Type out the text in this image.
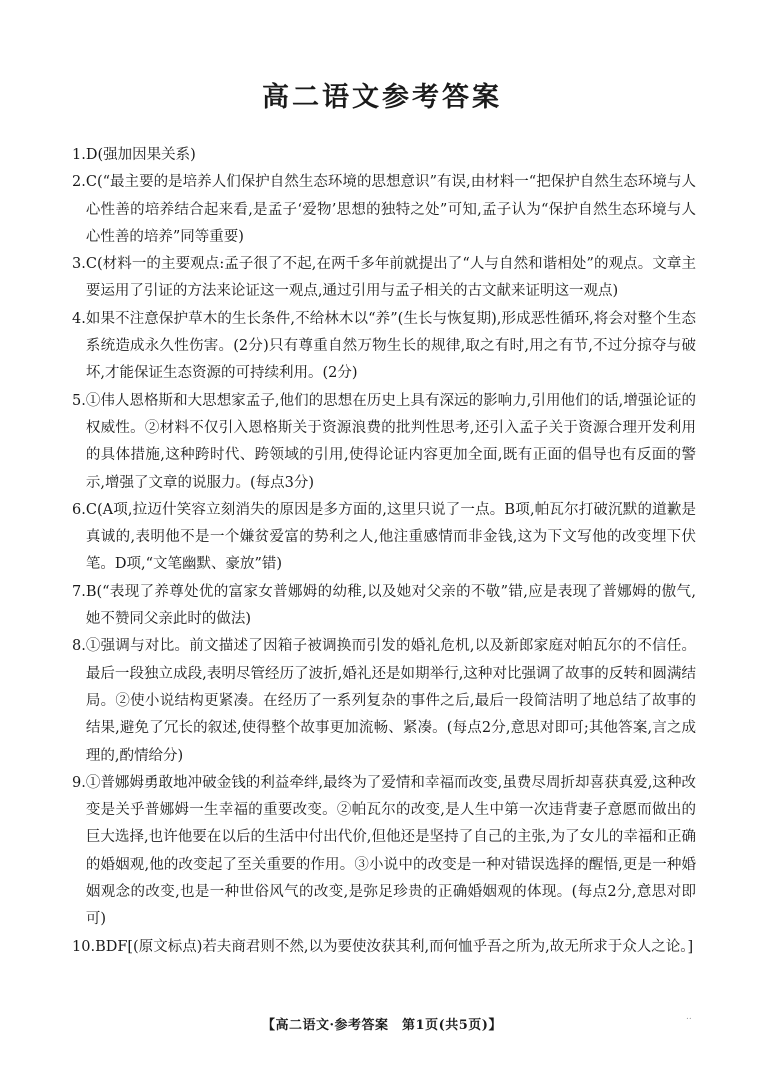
高二语文参考答案
1. D(强加因果关系)
2. C(“最主要的是培养人们保护自然生态环境的思想意识”有误,由材料一“把保护自然生态环境与人心性善的培养结合起来看,是孟子‘爱物’思想的独特之处”可知,孟子认为“保护自然生态环境与人心性善的培养”同等重要)
3. C(材料一的主要观点:孟子很了不起,在两千多年前就提出了“人与自然和谐相处”的观点。文章主要运用了引证的方法来论证这一观点,通过引用与孟子相关的古文献来证明这一观点)
4. 如果不注意保护草木的生长条件,不给林木以“养”(生长与恢复期),形成恶性循环,将会对整个生态系统造成永久性伤害。(2分)只有尊重自然万物生长的规律,取之有时,用之有节,不过分掠夺与破坏,才能保证生态资源的可持续利用。(2分)
5. ①伟人恩格斯和大思想家孟子,他们的思想在历史上具有深远的影响力,引用他们的话,增强论证的权威性。②材料不仅引入恩格斯关于资源浪费的批判性思考,还引入孟子关于资源合理开发利用的具体措施,这种跨时代、跨领域的引用,使得论证内容更加全面,既有正面的倡导也有反面的警示,增强了文章的说服力。(每点3分)
6. C(A项,拉迈什笑容立刻消失的原因是多方面的,这里只说了一点。B项,帕瓦尔打破沉默的道歉是真诚的,表明他不是一个嫌贫爱富的势利之人,他注重感情而非金钱,这为下文写他的改变埋下伏笔。D项,“文笔幽默、豪放”错)
7. B(“表现了养尊处优的富家女普娜姆的幼稚,以及她对父亲的不敬”错,应是表现了普娜姆的傲气,她不赞同父亲此时的做法)
8. ①强调与对比。前文描述了因箱子被调换而引发的婚礼危机,以及新郎家庭对帕瓦尔的不信任。最后一段独立成段,表明尽管经历了波折,婚礼还是如期举行,这种对比强调了故事的反转和圆满结局。②使小说结构更紧凑。在经历了一系列复杂的事件之后,最后一段简洁明了地总结了故事的结果,避免了冗长的叙述,使得整个故事更加流畅、紧凑。(每点2分,意思对即可;其他答案,言之成理的,酌情给分)
9. ①普娜姆勇敢地冲破金钱的利益牵绊,最终为了爱情和幸福而改变,虽费尽周折却喜获真爱,这种改变是关乎普娜姆一生幸福的重要改变。②帕瓦尔的改变,是人生中第一次违背妻子意愿而做出的巨大选择,也许他要在以后的生活中付出代价,但他还是坚持了自己的主张,为了女儿的幸福和正确的婚姻观,他的改变起了至关重要的作用。③小说中的改变是一种对错误选择的醒悟,更是一种婚姻观念的改变,也是一种世俗风气的改变,是弥足珍贵的正确婚姻观的体现。(每点2分,意思对即可)
10. BDF[(原文标点)若夫商君则不然,以为要使汝获其利,而何恤乎吾之所为,故无所求于众人之论。]
【高二语文·参考答案　第1页(共5页)】
..
